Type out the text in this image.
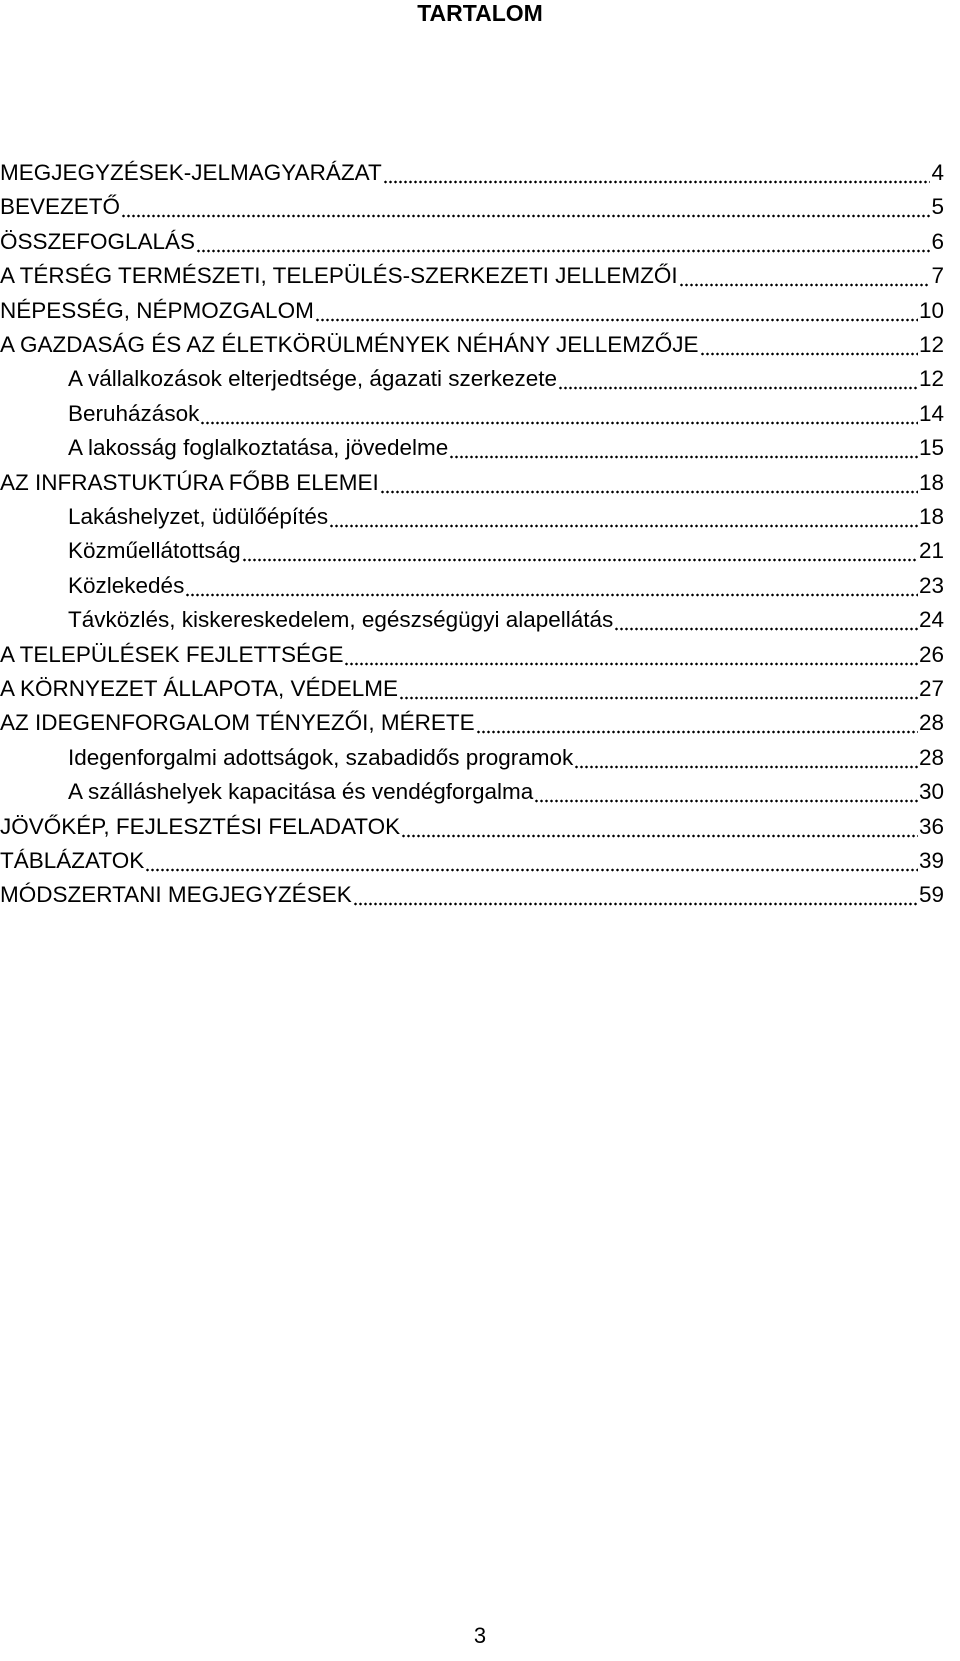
TARTALOM
MEGJEGYZÉSEK-JELMAGYARÁZAT	4
BEVEZETŐ	5
ÖSSZEFOGLALÁS	6
A TÉRSÉG TERMÉSZETI, TELEPÜLÉS-SZERKEZETI JELLEMZŐI	7
NÉPESSÉG, NÉPMOZGALOM	10
A GAZDASÁG ÉS AZ ÉLETKÖRÜLMÉNYEK NÉHÁNY JELLEMZŐJE	12
A vállalkozások elterjedtsége, ágazati szerkezete	12
Beruházások	14
A lakosság foglalkoztatása, jövedelme	15
AZ INFRASTUKTÚRA FŐBB ELEMEI	18
Lakáshelyzet, üdülőépítés	18
Közműellátottság	21
Közlekedés	23
Távközlés, kiskereskedelem, egészségügyi alapellátás	24
A TELEPÜLÉSEK FEJLETTSÉGE	26
A KÖRNYEZET ÁLLAPOTA, VÉDELME	27
AZ IDEGENFORGALOM TÉNYEZŐI, MÉRETE	28
Idegenforgalmi adottságok, szabadidős programok	28
A szálláshelyek kapacitása és vendégforgalma	30
JÖVŐKÉP, FEJLESZTÉSI FELADATOK	36
TÁBLÁZATOK	39
MÓDSZERTANI MEGJEGYZÉSEK	59
3
